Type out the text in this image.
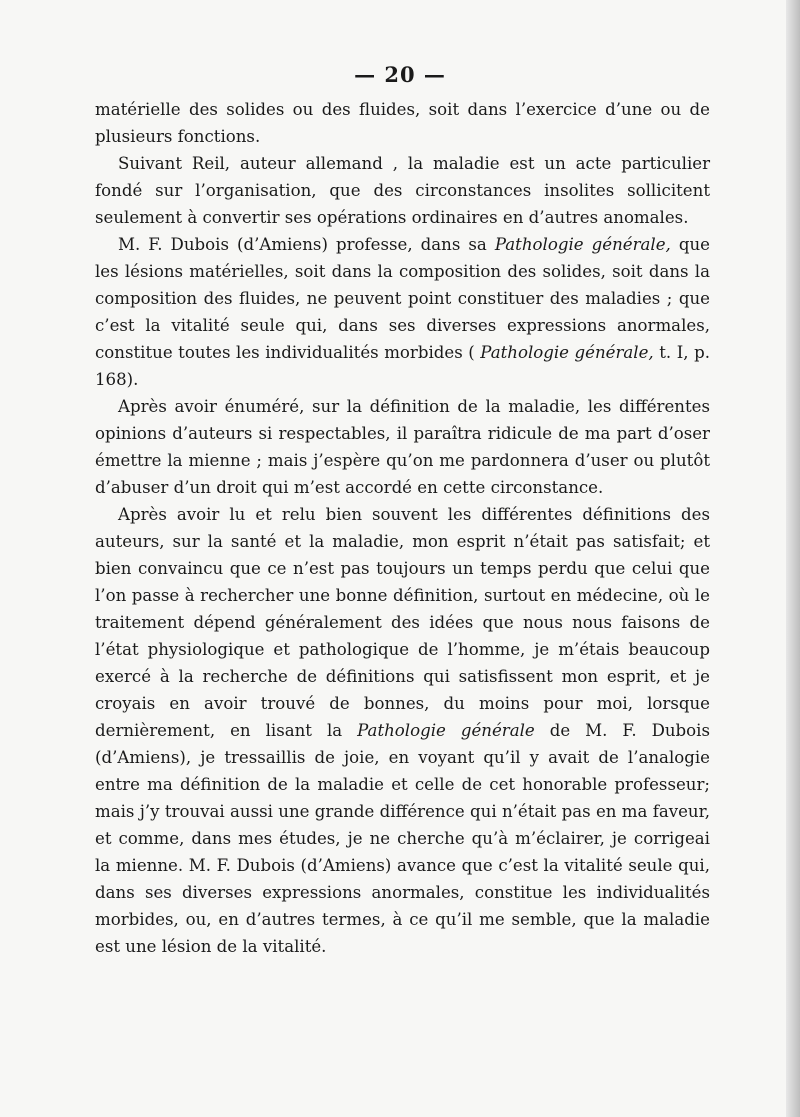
— 20 —

matérielle des solides ou des fluides, soit dans l’exercice d’une ou de plusieurs fonctions.

Suivant Reil, auteur allemand , la maladie est un acte particulier fondé sur l’organisation, que des circonstances insolites sollicitent seulement à convertir ses opérations ordinaires en d’autres anomales.

M. F. Dubois (d’Amiens) professe, dans sa Pathologie générale, que les lésions matérielles, soit dans la composition des solides, soit dans la composition des fluides, ne peuvent point constituer des maladies ; que c’est la vitalité seule qui, dans ses diverses expressions anormales, constitue toutes les individualités morbides ( Pathologie générale, t. I, p. 168).

Après avoir énuméré, sur la définition de la maladie, les différentes opinions d’auteurs si respectables, il paraîtra ridicule de ma part d’oser émettre la mienne ; mais j’espère qu’on me pardonnera d’user ou plutôt d’abuser d’un droit qui m’est accordé en cette circonstance.

Après avoir lu et relu bien souvent les différentes définitions des auteurs, sur la santé et la maladie, mon esprit n’était pas satisfait; et bien convaincu que ce n’est pas toujours un temps perdu que celui que l’on passe à rechercher une bonne définition, surtout en médecine, où le traitement dépend généralement des idées que nous nous faisons de l’état physiologique et pathologique de l’homme, je m’étais beaucoup exercé à la recherche de définitions qui satisfissent mon esprit, et je croyais en avoir trouvé de bonnes, du moins pour moi, lorsque dernièrement, en lisant la Pathologie générale de M. F. Dubois (d’Amiens), je tressaillis de joie, en voyant qu’il y avait de l’analogie entre ma définition de la maladie et celle de cet honorable professeur; mais j’y trouvai aussi une grande différence qui n’était pas en ma faveur, et comme, dans mes études, je ne cherche qu’à m’éclairer, je corrigeai la mienne. M. F. Dubois (d’Amiens) avance que c’est la vitalité seule qui, dans ses diverses expressions anormales, constitue les individualités morbides, ou, en d’autres termes, à ce qu’il me semble, que la maladie est une lésion de la vitalité.
